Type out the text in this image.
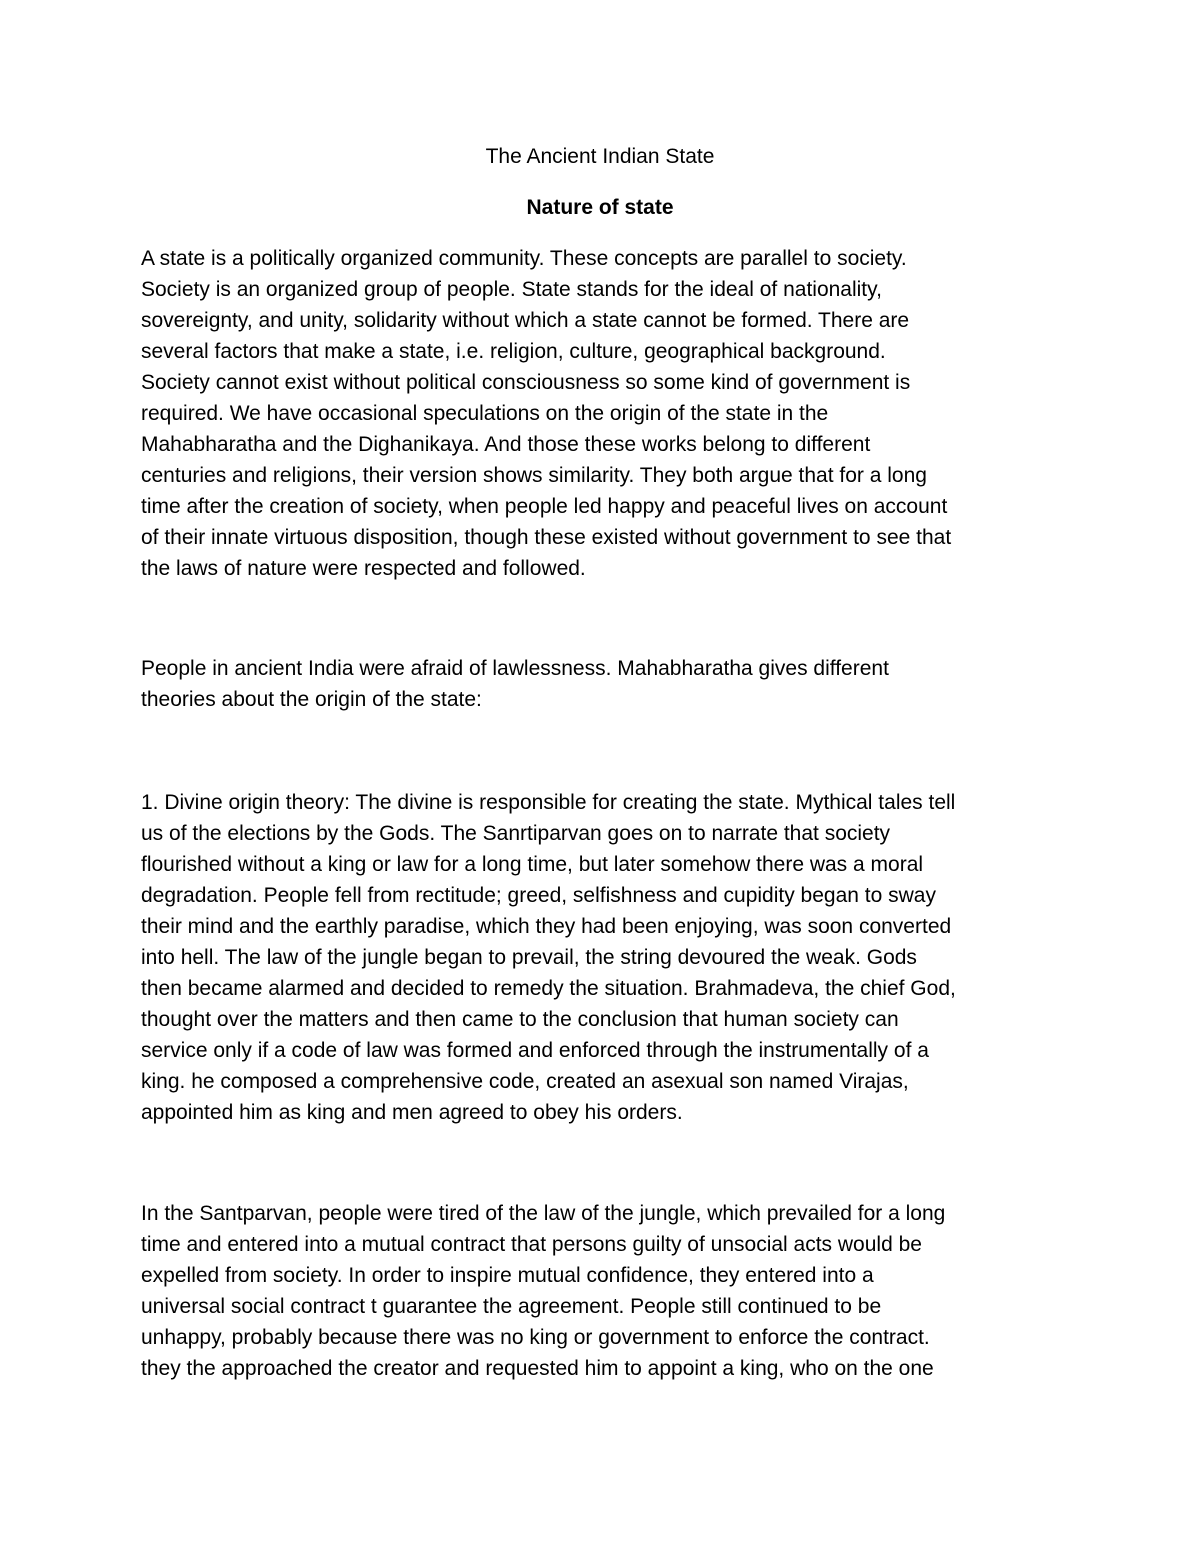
The Ancient Indian State
Nature of state

A state is a politically organized community. These concepts are parallel to society.
Society is an organized group of people. State stands for the ideal of nationality,
sovereignty, and unity, solidarity without which a state cannot be formed. There are
several factors that make a state, i.e. religion, culture, geographical background.
Society cannot exist without political consciousness so some kind of government is
required. We have occasional speculations on the origin of the state in the
Mahabharatha and the Dighanikaya. And those these works belong to different
centuries and religions, their version shows similarity. They both argue that for a long
time after the creation of society, when people led happy and peaceful lives on account
of their innate virtuous disposition, though these existed without government to see that
the laws of nature were respected and followed.

People in ancient India were afraid of lawlessness. Mahabharatha gives different
theories about the origin of the state:

1. Divine origin theory: The divine is responsible for creating the state. Mythical tales tell
us of the elections by the Gods. The Sanrtiparvan goes on to narrate that society
flourished without a king or law for a long time, but later somehow there was a moral
degradation. People fell from rectitude; greed, selfishness and cupidity began to sway
their mind and the earthly paradise, which they had been enjoying, was soon converted
into hell. The law of the jungle began to prevail, the string devoured the weak. Gods
then became alarmed and decided to remedy the situation. Brahmadeva, the chief God,
thought over the matters and then came to the conclusion that human society can
service only if a code of law was formed and enforced through the instrumentally of a
king. he composed a comprehensive code, created an asexual son named Virajas,
appointed him as king and men agreed to obey his orders.

In the Santparvan, people were tired of the law of the jungle, which prevailed for a long
time and entered into a mutual contract that persons guilty of unsocial acts would be
expelled from society. In order to inspire mutual confidence, they entered into a
universal social contract t guarantee the agreement. People still continued to be
unhappy, probably because there was no king or government to enforce the contract.
they the approached the creator and requested him to appoint a king, who on the one
